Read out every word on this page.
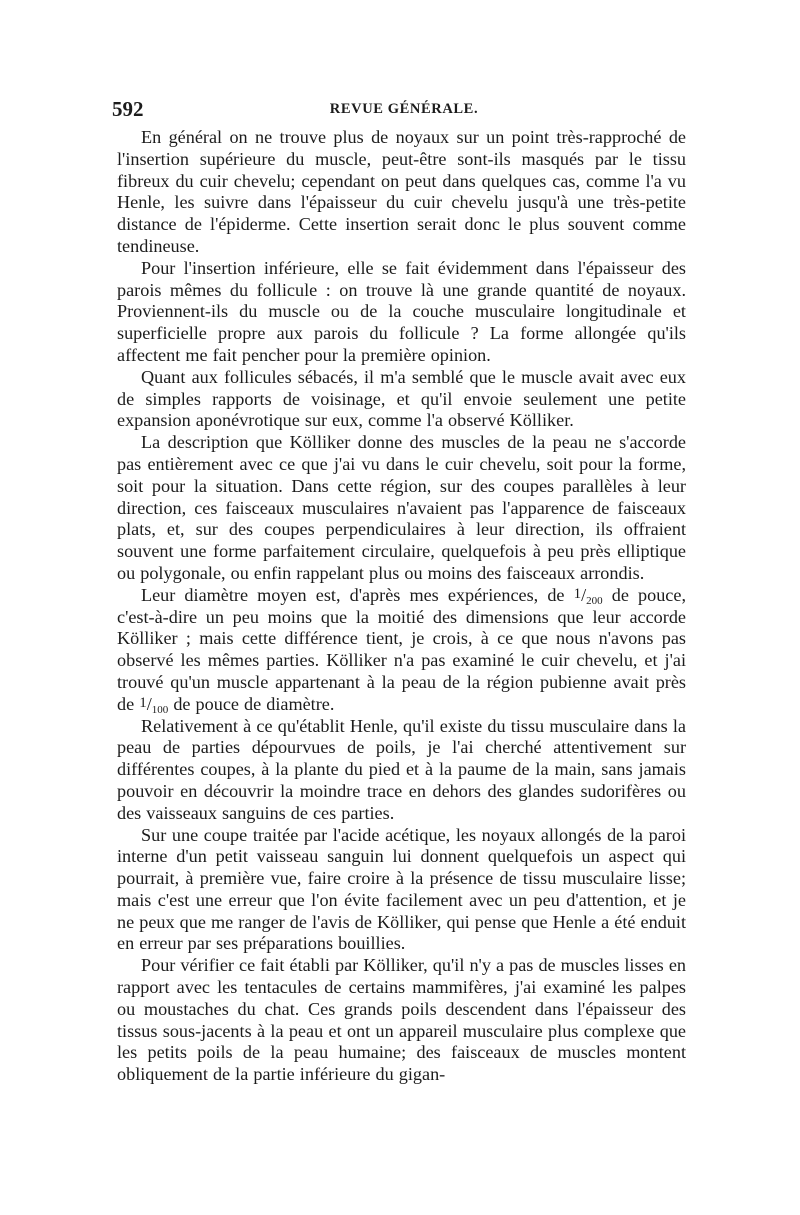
592	REVUE GÉNÉRALE.

En général on ne trouve plus de noyaux sur un point très-rapproché de l'insertion supérieure du muscle, peut-être sont-ils masqués par le tissu fibreux du cuir chevelu; cependant on peut dans quelques cas, comme l'a vu Henle, les suivre dans l'épaisseur du cuir chevelu jusqu'à une très-petite distance de l'épiderme. Cette insertion serait donc le plus souvent comme tendineuse.

Pour l'insertion inférieure, elle se fait évidemment dans l'épaisseur des parois mêmes du follicule : on trouve là une grande quantité de noyaux. Proviennent-ils du muscle ou de la couche musculaire longitudinale et superficielle propre aux parois du follicule ? La forme allongée qu'ils affectent me fait pencher pour la première opinion.

Quant aux follicules sébacés, il m'a semblé que le muscle avait avec eux de simples rapports de voisinage, et qu'il envoie seulement une petite expansion aponévrotique sur eux, comme l'a observé Kölliker.

La description que Kölliker donne des muscles de la peau ne s'accorde pas entièrement avec ce que j'ai vu dans le cuir chevelu, soit pour la forme, soit pour la situation. Dans cette région, sur des coupes parallèles à leur direction, ces faisceaux musculaires n'avaient pas l'apparence de faisceaux plats, et, sur des coupes perpendiculaires à leur direction, ils offraient souvent une forme parfaitement circulaire, quelquefois à peu près elliptique ou polygonale, ou enfin rappelant plus ou moins des faisceaux arrondis.

Leur diamètre moyen est, d'après mes expériences, de $1/_{200}$ de pouce, c'est-à-dire un peu moins que la moitié des dimensions que leur accorde Kölliker ; mais cette différence tient, je crois, à ce que nous n'avons pas observé les mêmes parties. Kölliker n'a pas examiné le cuir chevelu, et j'ai trouvé qu'un muscle appartenant à la peau de la région pubienne avait près de $1/_{100}$ de pouce de diamètre.

Relativement à ce qu'établit Henle, qu'il existe du tissu musculaire dans la peau de parties dépourvues de poils, je l'ai cherché attentivement sur différentes coupes, à la plante du pied et à la paume de la main, sans jamais pouvoir en découvrir la moindre trace en dehors des glandes sudorifères ou des vaisseaux sanguins de ces parties.

Sur une coupe traitée par l'acide acétique, les noyaux allongés de la paroi interne d'un petit vaisseau sanguin lui donnent quelquefois un aspect qui pourrait, à première vue, faire croire à la présence de tissu musculaire lisse; mais c'est une erreur que l'on évite facilement avec un peu d'attention, et je ne peux que me ranger de l'avis de Kölliker, qui pense que Henle a été enduit en erreur par ses préparations bouillies.

Pour vérifier ce fait établi par Kölliker, qu'il n'y a pas de muscles lisses en rapport avec les tentacules de certains mammifères, j'ai examiné les palpes ou moustaches du chat. Ces grands poils descendent dans l'épaisseur des tissus sous-jacents à la peau et ont un appareil musculaire plus complexe que les petits poils de la peau humaine; des faisceaux de muscles montent obliquement de la partie inférieure du gigan-
